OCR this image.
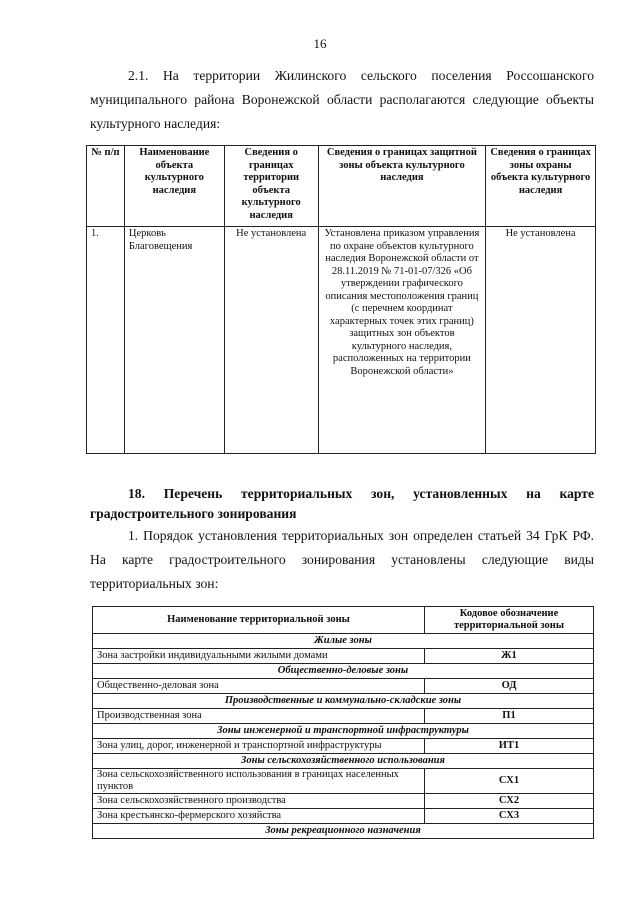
16

2.1. На территории Жилинского сельского поселения Россошанского муниципального района Воронежской области располагаются следующие объекты культурного наследия:

№ п/п	Наименование объекта культурного наследия	Сведения о границах территории объекта культурного наследия	Сведения о границах защитной зоны объекта культурного наследия	Сведения о границах зоны охраны объекта культурного наследия
1.	Церковь Благовещения	Не установлена	Установлена приказом управления по охране объектов культурного наследия Воронежской области от 28.11.2019 № 71-01-07/326 «Об утверждении графического описания местоположения границ (с перечнем координат характерных точек этих границ) защитных зон объектов культурного наследия, расположенных на территории Воронежской области»	Не установлена

18. Перечень территориальных зон, установленных на карте градостроительного зонирования

1. Порядок установления территориальных зон определен статьей 34 ГрК РФ. На карте градостроительного зонирования установлены следующие виды территориальных зон:

Наименование территориальной зоны	Кодовое обозначение территориальной зоны
Жилые зоны	
Зона застройки индивидуальными жилыми домами	Ж1
Общественно-деловые зоны	
Общественно-деловая зона	ОД
Производственные и коммунально-складские зоны	
Производственная зона	П1
Зоны инженерной и транспортной инфраструктуры	
Зона улиц, дорог, инженерной и транспортной инфраструктуры	ИТ1
Зоны сельскохозяйственного использования	
Зона сельскохозяйственного использования в границах населенных пунктов	СХ1
Зона сельскохозяйственного производства	СХ2
Зона крестьянско-фермерского хозяйства	СХ3
Зоны рекреационного назначения	
